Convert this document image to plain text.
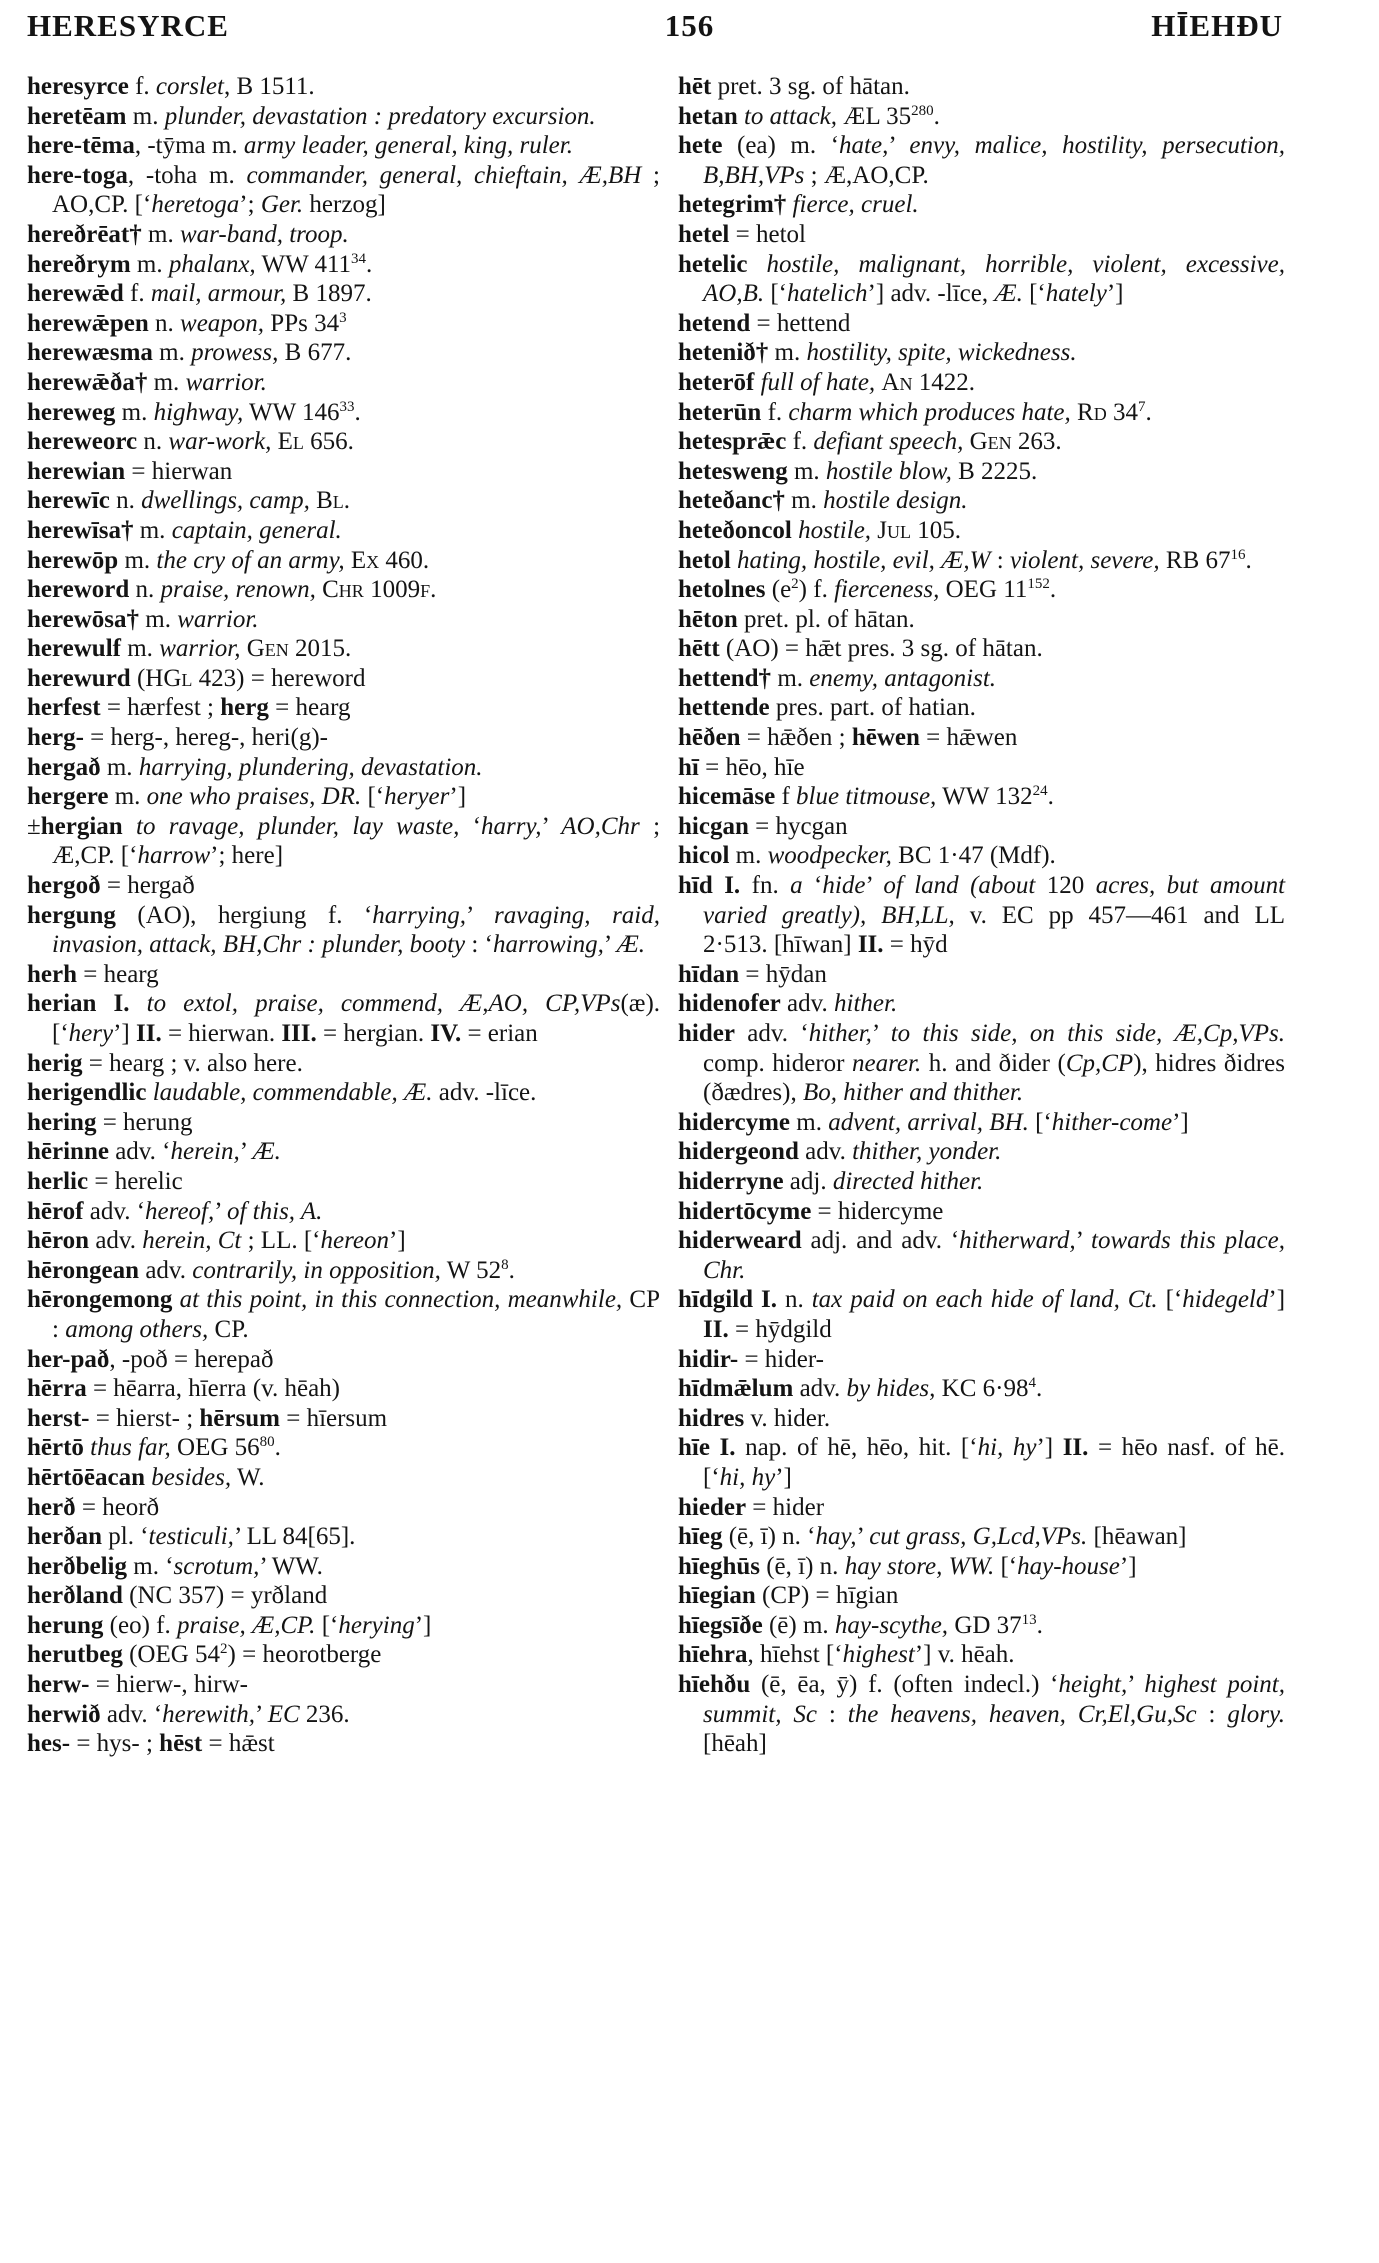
HERESYRCE	156	HĪEHÐU
heresyrce f. corslet, B 1511.
heretēam m. plunder, devastation : predatory excursion.
here-tēma, -tȳma m. army leader, general, king, ruler.
here-toga, -toha m. commander, general, chieftain, Æ,BH ; AO,CP. [‘heretoga’; Ger. herzog]
hereðrēat† m. war-band, troop.
hereðrym m. phalanx, WW $411^{34}$.
herewǣd f. mail, armour, B 1897.
herewǣpen n. weapon, PPs $34^3$
herewæsma m. prowess, B 677.
herewǣða† m. warrior.
hereweg m. highway, WW $146^{33}$.
hereweorc n. war-work, El 656.
herewian = hierwan
herewīc n. dwellings, camp, Bl.
herewīsa† m. captain, general.
herewōp m. the cry of an army, Ex 460.
hereword n. praise, renown, Chr 1009f.
herewōsa† m. warrior.
herewulf m. warrior, Gen 2015.
herewurd (HGl 423) = hereword
herfest = hærfest ; herg = hearg
herg- = herg-, hereg-, heri(g)-
hergað m. harrying, plundering, devastation.
hergere m. one who praises, DR. [‘heryer’]
±hergian to ravage, plunder, lay waste, ‘harry,’ AO,Chr ; Æ,CP. [‘harrow’; here]
hergoð = hergað
hergung (AO), hergiung f. ‘harrying,’ ravaging, raid, invasion, attack, BH,Chr : plunder, booty : ‘harrowing,’ Æ.
herh = hearg
herian I. to extol, praise, commend, Æ,AO, CP,VPs(æ). [‘hery’] II. = hierwan. III. = hergian. IV. = erian
herig = hearg ; v. also here.
herigendlic laudable, commendable, Æ. adv. -līce.
hering = herung
hērinne adv. ‘herein,’ Æ.
herlic = herelic
hērof adv. ‘hereof,’ of this, A.
hēron adv. herein, Ct ; LL. [‘hereon’]
hērongean adv. contrarily, in opposition, W $52^8$.
hērongemong at this point, in this connection, meanwhile, CP : among others, CP.
her-pað, -poð = herepað
hērra = hēarra, hīerra (v. hēah)
herst- = hierst- ; hērsum = hīersum
hērtō thus far, OEG $56^{80}$.
hērtōēacan besides, W.
herð = heorð
herðan pl. ‘testiculi,’ LL 84[65].
herðbelig m. ‘scrotum,’ WW.
herðland (NC 357) = yrðland
herung (eo) f. praise, Æ,CP. [‘herying’]
herutbeg (OEG $54^2$) = heorotberge
herw- = hierw-, hirw-
herwið adv. ‘herewith,’ EC 236.
hes- = hys- ; hēst = hǣst
hēt pret. 3 sg. of hātan.
hetan to attack, ÆL $35^{280}$.
hete (ea) m. ‘hate,’ envy, malice, hostility, persecution, B,BH,VPs ; Æ,AO,CP.
hetegrim† fierce, cruel.
hetel = hetol
hetelic hostile, malignant, horrible, violent, excessive, AO,B. [‘hatelich’] adv. -līce, Æ. [‘hately’]
hetend = hettend
hetenið† m. hostility, spite, wickedness.
heterōf full of hate, An 1422.
heterūn f. charm which produces hate, Rd $34^7$.
hetesprǣc f. defiant speech, Gen 263.
hetesweng m. hostile blow, B 2225.
heteðanc† m. hostile design.
heteðoncol hostile, Jul 105.
hetol hating, hostile, evil, Æ,W : violent, severe, RB $67^{16}$.
hetolnes $(e^2)$ f. fierceness, OEG $11^{152}$.
hēton pret. pl. of hātan.
hētt (AO) = hǣt pres. 3 sg. of hātan.
hettend† m. enemy, antagonist.
hettende pres. part. of hatian.
hēðen = hǣðen ; hēwen = hǣwen
hī = hēo, hīe
hicemāse f blue titmouse, WW $132^{24}$.
hicgan = hycgan
hicol m. woodpecker, BC 1·47 (Mdf).
hīd I. fn. a ‘hide’ of land (about 120 acres, but amount varied greatly), BH,LL, v. EC pp 457—461 and LL 2·513. [hīwan] II. = hȳd
hīdan = hȳdan
hidenofer adv. hither.
hider adv. ‘hither,’ to this side, on this side, Æ,Cp,VPs. comp. hideror nearer. h. and ðider (Cp,CP), hidres ðidres (ðædres), Bo, hither and thither.
hidercyme m. advent, arrival, BH. [‘hither-come’]
hidergeond adv. thither, yonder.
hiderryne adj. directed hither.
hidertōcyme = hidercyme
hiderweard adj. and adv. ‘hitherward,’ towards this place, Chr.
hīdgild I. n. tax paid on each hide of land, Ct. [‘hidegeld’] II. = hȳdgild
hidir- = hider-
hīdmǣlum adv. by hides, KC $6\cdot 98^4$.
hidres v. hider.
hīe I. nap. of hē, hēo, hit. [‘hi, hy’] II. = hēo nasf. of hē. [‘hi, hy’]
hieder = hider
hīeg (ē, ī) n. ‘hay,’ cut grass, G,Lcd,VPs. [hēawan]
hīeghūs (ē, ī) n. hay store, WW. [‘hay-house’]
hīegian (CP) = hīgian
hīegsīðe (ē) m. hay-scythe, GD $37^{13}$.
hīehra, hīehst [‘highest’] v. hēah.
hīehðu (ē, ēa, ȳ) f. (often indecl.) ‘height,’ highest point, summit, Sc : the heavens, heaven, Cr,El,Gu,Sc : glory. [hēah]
